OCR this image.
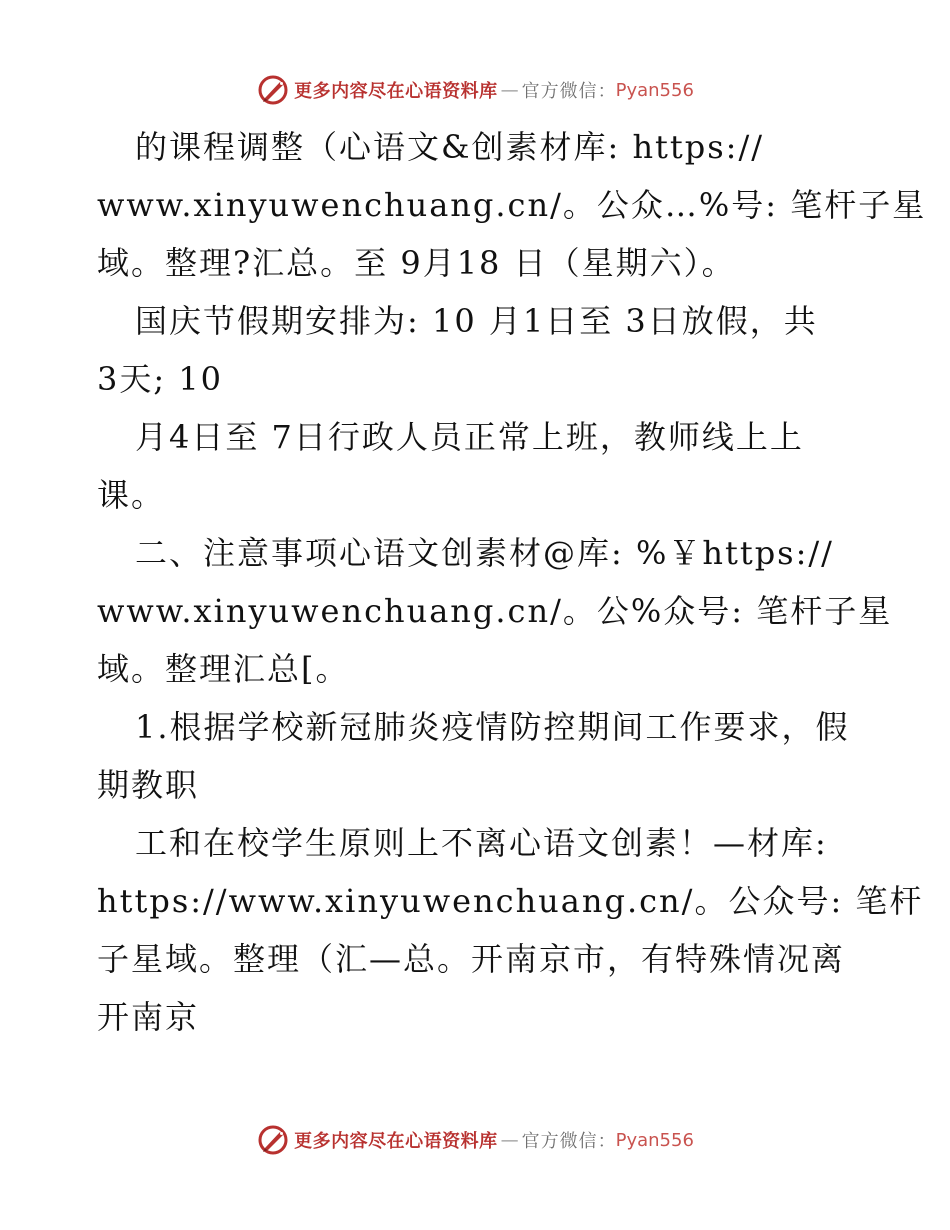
更多内容尽在心语资料库 — 官方微信 ： Pyan556
的课程调整（心语文&创素材库: https://
www.xinyuwenchuang.cn/。公众…%号: 笔杆子星
域。整理?汇总。至 9月18 日（星期六）。
国庆节假期安排为: 10 月1日至 3日放假，共
3天; 10
月4日至 7日行政人员正常上班，教师线上上
课。
二、注意事项心语文创素材@库: %￥https://
www.xinyuwenchuang.cn/。公%众号: 笔杆子星
域。整理汇总[。
1.根据学校新冠肺炎疫情防控期间工作要求，假
期教职
工和在校学生原则上不离心语文创素！—材库:
https://www.xinyuwenchuang.cn/。公众号: 笔杆
子星域。整理（汇—总。开南京市，有特殊情况离
开南京
更多内容尽在心语资料库 — 官方微信 ： Pyan556
